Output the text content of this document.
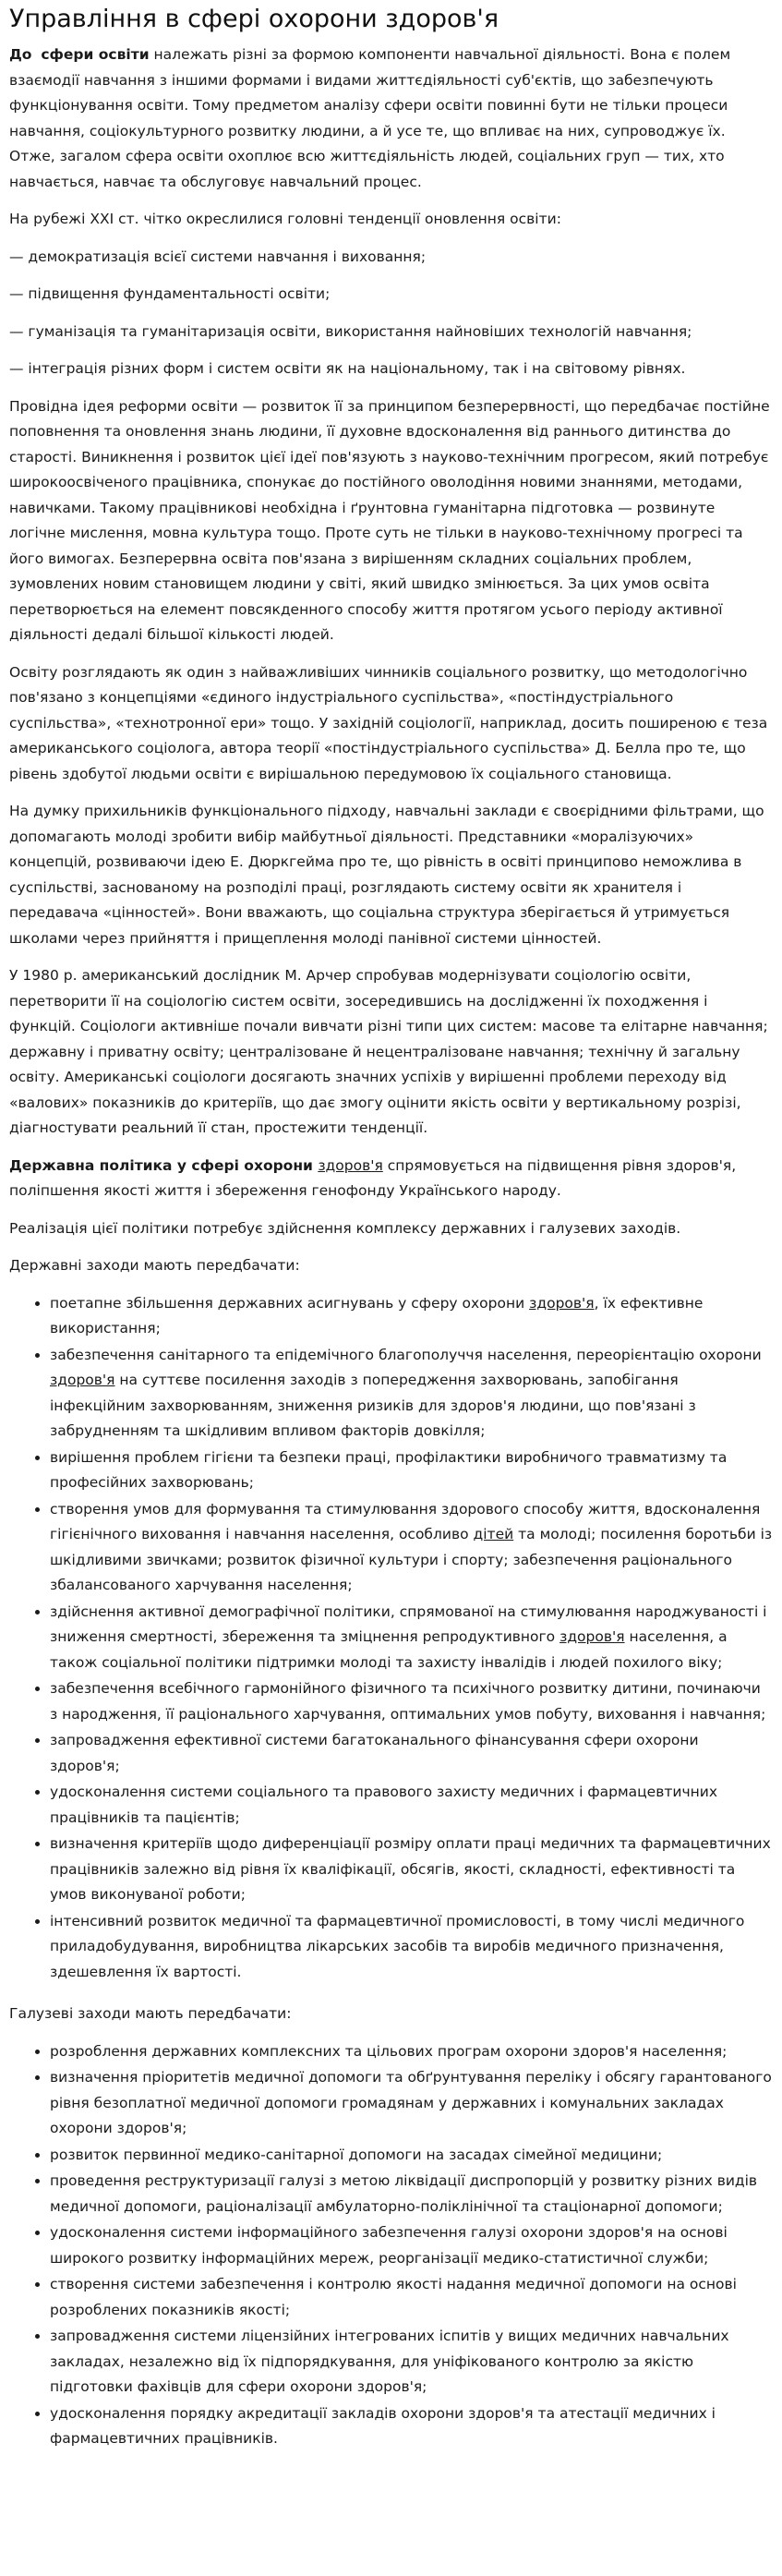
Управління в сфері охорони здоров'я

До сфери освіти належать різні за формою компоненти навчальної діяльності. Вона є полем взаємодії навчання з іншими формами і видами життєдіяльності суб'єктів, що забезпечують функціонування освіти. Тому предметом аналізу сфери освіти повинні бути не тільки процеси навчання, соціокультурного розвитку людини, а й усе те, що впливає на них, супроводжує їх. Отже, загалом сфера освіти охоплює всю життєдіяльність людей, соціальних груп — тих, хто навчається, навчає та обслуговує навчальний процес.

На рубежі XXI ст. чітко окреслилися головні тенденції оновлення освіти:

— демократизація всієї системи навчання і виховання;

— підвищення фундаментальності освіти;

— гуманізація та гуманітаризація освіти, використання найновіших технологій навчання;

— інтеграція різних форм і систем освіти як на національному, так і на світовому рівнях.

Провідна ідея реформи освіти — розвиток її за принципом безперервності, що передбачає постійне поповнення та оновлення знань людини, її духовне вдосконалення від раннього дитинства до старості. Виникнення і розвиток цієї ідеї пов'язують з науково-технічним прогресом, який потребує широкоосвіченого працівника, спонукає до постійного оволодіння новими знаннями, методами, навичками. Такому працівникові необхідна і ґрунтовна гуманітарна підготовка — розвинуте логічне мислення, мовна культура тощо. Проте суть не тільки в науково-технічному прогресі та його вимогах. Безперервна освіта пов'язана з вирішенням складних соціальних проблем, зумовлених новим становищем людини у світі, який швидко змінюється. За цих умов освіта перетворюється на елемент повсякденного способу життя протягом усього періоду активної діяльності дедалі більшої кількості людей.

Освіту розглядають як один з найважливіших чинників соціального розвитку, що методологічно пов'язано з концепціями «єдиного індустріального суспільства», «постіндустріального суспільства», «технотронної ери» тощо. У західній соціології, наприклад, досить поширеною є теза американського соціолога, автора теорії «постіндустріального суспільства» Д. Белла про те, що рівень здобутої людьми освіти є вирішальною передумовою їх соціального становища.

На думку прихильників функціонального підходу, навчальні заклади є своєрідними фільтрами, що допомагають молоді зробити вибір майбутньої діяльності. Представники «моралізуючих» концепцій, розвиваючи ідею Е. Дюркгейма про те, що рівність в освіті принципово неможлива в суспільстві, заснованому на розподілі праці, розглядають систему освіти як хранителя і передавача «цінностей». Вони вважають, що соціальна структура зберігається й утримується школами через прийняття і прищеплення молоді панівної системи цінностей.

У 1980 р. американський дослідник М. Арчер спробував модернізувати соціологію освіти, перетворити її на соціологію систем освіти, зосередившись на дослідженні їх походження і функцій. Соціологи активніше почали вивчати різні типи цих систем: масове та елітарне навчання; державну і приватну освіту; централізоване й нецентралізоване навчання; технічну й загальну освіту. Американські соціологи досягають значних успіхів у вирішенні проблеми переходу від «валових» показників до критеріїв, що дає змогу оцінити якість освіти у вертикальному розрізі, діагностувати реальний її стан, простежити тенденції.

Державна політика у сфері охорони здоров'я спрямовується на підвищення рівня здоров'я, поліпшення якості життя і збереження генофонду Українського народу.

Реалізація цієї політики потребує здійснення комплексу державних і галузевих заходів.

Державні заходи мають передбачати:

• поетапне збільшення державних асигнувань у сферу охорони здоров'я, їх ефективне використання;
• забезпечення санітарного та епідемічного благополуччя населення, переорієнтацію охорони здоров'я на суттєве посилення заходів з попередження захворювань, запобігання інфекційним захворюванням, зниження ризиків для здоров'я людини, що пов'язані з забрудненням та шкідливим впливом факторів довкілля;
• вирішення проблем гігієни та безпеки праці, профілактики виробничого травматизму та професійних захворювань;
• створення умов для формування та стимулювання здорового способу життя, вдосконалення гігієнічного виховання і навчання населення, особливо дітей та молоді; посилення боротьби із шкідливими звичками; розвиток фізичної культури і спорту; забезпечення раціонального збалансованого харчування населення;
• здійснення активної демографічної політики, спрямованої на стимулювання народжуваності і зниження смертності, збереження та зміцнення репродуктивного здоров'я населення, а також соціальної політики підтримки молоді та захисту інвалідів і людей похилого віку;
• забезпечення всебічного гармонійного фізичного та психічного розвитку дитини, починаючи з народження, її раціонального харчування, оптимальних умов побуту, виховання і навчання;
• запровадження ефективної системи багатоканального фінансування сфери охорони здоров'я;
• удосконалення системи соціального та правового захисту медичних і фармацевтичних працівників та пацієнтів;
• визначення критеріїв щодо диференціації розміру оплати праці медичних та фармацевтичних працівників залежно від рівня їх кваліфікації, обсягів, якості, складності, ефективності та умов виконуваної роботи;
• інтенсивний розвиток медичної та фармацевтичної промисловості, в тому числі медичного приладобудування, виробництва лікарських засобів та виробів медичного призначення, здешевлення їх вартості.

Галузеві заходи мають передбачати:

• розроблення державних комплексних та цільових програм охорони здоров'я населення;
• визначення пріоритетів медичної допомоги та обґрунтування переліку і обсягу гарантованого рівня безоплатної медичної допомоги громадянам у державних і комунальних закладах охорони здоров'я;
• розвиток первинної медико-санітарної допомоги на засадах сімейної медицини;
• проведення реструктуризації галузі з метою ліквідації диспропорцій у розвитку різних видів медичної допомоги, раціоналізації амбулаторно-поліклінічної та стаціонарної допомоги;
• удосконалення системи інформаційного забезпечення галузі охорони здоров'я на основі широкого розвитку інформаційних мереж, реорганізації медико-статистичної служби;
• створення системи забезпечення і контролю якості надання медичної допомоги на основі розроблених показників якості;
• запровадження системи ліцензійних інтегрованих іспитів у вищих медичних навчальних закладах, незалежно від їх підпорядкування, для уніфікованого контролю за якістю підготовки фахівців для сфери охорони здоров'я;
• удосконалення порядку акредитації закладів охорони здоров'я та атестації медичних і фармацевтичних працівників.
